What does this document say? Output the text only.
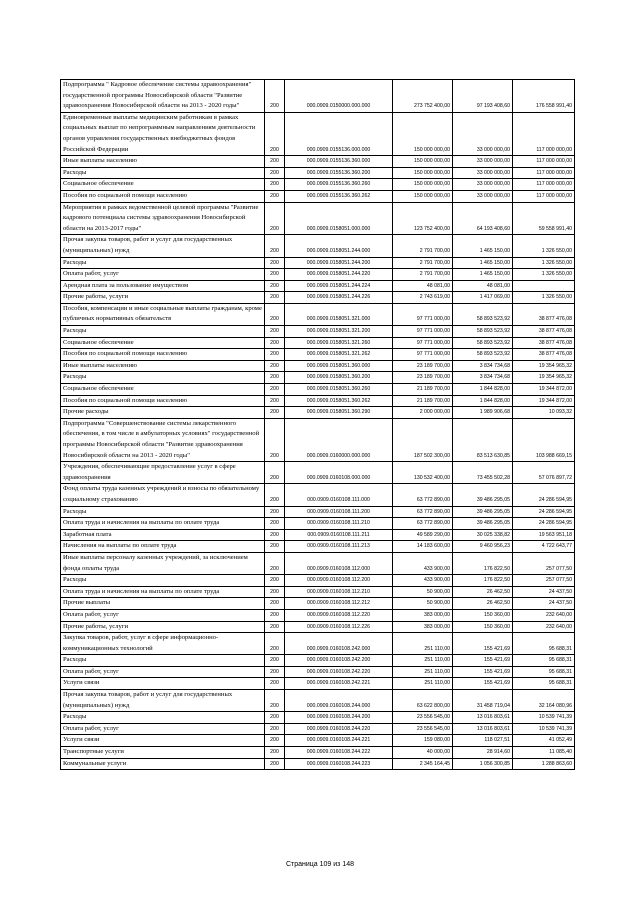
Подпрограмма " Кадровое обеспечение системы здравоохранения" государственной программы Новосибирской области "Развитие здравоохранения Новосибирской области на 2013 - 2020 годы"	200	000.0909.0150000.000.000	273 752 400,00	97 193 408,60	176 558 991,40
Единовременные выплаты медицинским работникам в рамках социальных выплат по непрограммным направлениям деятельности органов управления государственных внебюджетных фондов Российской Федерации	200	000.0909.0155136.000.000	150 000 000,00	33 000 000,00	117 000 000,00
Иные выплаты населению	200	000.0909.0155136.360.000	150 000 000,00	33 000 000,00	117 000 000,00
Расходы	200	000.0909.0155136.360.200	150 000 000,00	33 000 000,00	117 000 000,00
Социальное обеспечение	200	000.0909.0155136.360.260	150 000 000,00	33 000 000,00	117 000 000,00
Пособия по социальной помощи населению	200	000.0909.0155136.360.262	150 000 000,00	33 000 000,00	117 000 000,00
Мероприятия в рамках ведомственной целевой программы "Развитие кадрового потенциала системы здравоохранения Новосибирской области на 2013-2017 годы"	200	000.0909.0158051.000.000	123 752 400,00	64 193 408,60	59 558 991,40
Прочая закупка товаров, работ и услуг для государственных (муниципальных) нужд	200	000.0909.0158051.244.000	2 791 700,00	1 465 150,00	1 326 550,00
Расходы	200	000.0909.0158051.244.200	2 791 700,00	1 465 150,00	1 326 550,00
Оплата работ, услуг	200	000.0909.0158051.244.220	2 791 700,00	1 465 150,00	1 326 550,00
Арендная плата за пользование имуществом	200	000.0909.0158051.244.224	48 081,00	48 081,00	
Прочие работы, услуги	200	000.0909.0158051.244.226	2 743 619,00	1 417 069,00	1 326 550,00
Пособия, компенсации и иные социальные выплаты гражданам, кроме публичных нормативных обязательств	200	000.0909.0158051.321.000	97 771 000,00	58 893 523,92	38 877 476,08
Расходы	200	000.0909.0158051.321.200	97 771 000,00	58 893 523,92	38 877 476,08
Социальное обеспечение	200	000.0909.0158051.321.260	97 771 000,00	58 893 523,92	38 877 476,08
Пособия по социальной помощи населению	200	000.0909.0158051.321.262	97 771 000,00	58 893 523,92	38 877 476,08
Иные выплаты населению	200	000.0909.0158051.360.000	23 189 700,00	3 834 734,68	19 354 965,32
Расходы	200	000.0909.0158051.360.200	23 189 700,00	3 834 734,68	19 354 965,32
Социальное обеспечение	200	000.0909.0158051.360.260	21 189 700,00	1 844 828,00	19 344 872,00
Пособия по социальной помощи населению	200	000.0909.0158051.360.262	21 189 700,00	1 844 828,00	19 344 872,00
Прочие расходы	200	000.0909.0158051.360.290	2 000 000,00	1 989 906,68	10 093,32
Подпрограмма "Совершенствование системы лекарственного обеспечения, в том числе в амбулаторных условиях" государственной программы Новосибирской области "Развитие здравоохранения Новосибирской области на 2013 - 2020 годы"	200	000.0909.0160000.000.000	187 502 300,00	83 513 630,85	103 988 669,15
Учреждения, обеспечивающие предоставление услуг в сфере здравоохранения	200	000.0909.0160108.000.000	130 532 400,00	73 455 502,28	57 076 897,72
Фонд оплаты труда казенных учреждений и взносы по обязательному социальному страхованию	200	000.0909.0160108.111.000	63 772 890,00	39 486 295,05	24 286 594,95
Расходы	200	000.0909.0160108.111.200	63 772 890,00	39 486 295,05	24 286 594,95
Оплата труда и начисления на выплаты по оплате труда	200	000.0909.0160108.111.210	63 772 890,00	39 486 295,05	24 286 594,95
Заработная плата	200	000.0909.0160108.111.211	49 589 290,00	30 025 338,82	19 563 951,18
Начисления на выплаты по оплате труда	200	000.0909.0160108.111.213	14 183 600,00	9 460 956,23	4 722 643,77
Иные выплаты персоналу казенных учреждений, за исключением фонда оплаты труда	200	000.0909.0160108.112.000	433 900,00	176 822,50	257 077,50
Расходы	200	000.0909.0160108.112.200	433 900,00	176 822,50	257 077,50
Оплата труда и начисления на выплаты по оплате труда	200	000.0909.0160108.112.210	50 900,00	26 462,50	24 437,50
Прочие выплаты	200	000.0909.0160108.112.212	50 900,00	26 462,50	24 437,50
Оплата работ, услуг	200	000.0909.0160108.112.220	383 000,00	150 360,00	232 640,00
Прочие работы, услуги	200	000.0909.0160108.112.226	383 000,00	150 360,00	232 640,00
Закупка товаров, работ, услуг в сфере информационно-коммуникационных технологий	200	000.0909.0160108.242.000	251 110,00	155 421,69	95 688,31
Расходы	200	000.0909.0160108.242.200	251 110,00	155 421,69	95 688,31
Оплата работ, услуг	200	000.0909.0160108.242.220	251 110,00	155 421,69	95 688,31
Услуги связи	200	000.0909.0160108.242.221	251 110,00	155 421,69	95 688,31
Прочая закупка товаров, работ и услуг для государственных (муниципальных) нужд	200	000.0909.0160108.244.000	63 622 800,00	31 458 719,04	32 164 080,96
Расходы	200	000.0909.0160108.244.200	23 556 545,00	13 016 803,61	10 539 741,39
Оплата работ, услуг	200	000.0909.0160108.244.220	23 556 545,00	13 016 803,61	10 539 741,39
Услуги связи	200	000.0909.0160108.244.221	159 080,00	118 027,51	41 052,49
Транспортные услуги	200	000.0909.0160108.244.222	40 000,00	28 914,60	11 085,40
Коммунальные услуги	200	000.0909.0160108.244.223	2 345 164,45	1 056 300,85	1 288 863,60
Страница 109 из 148
